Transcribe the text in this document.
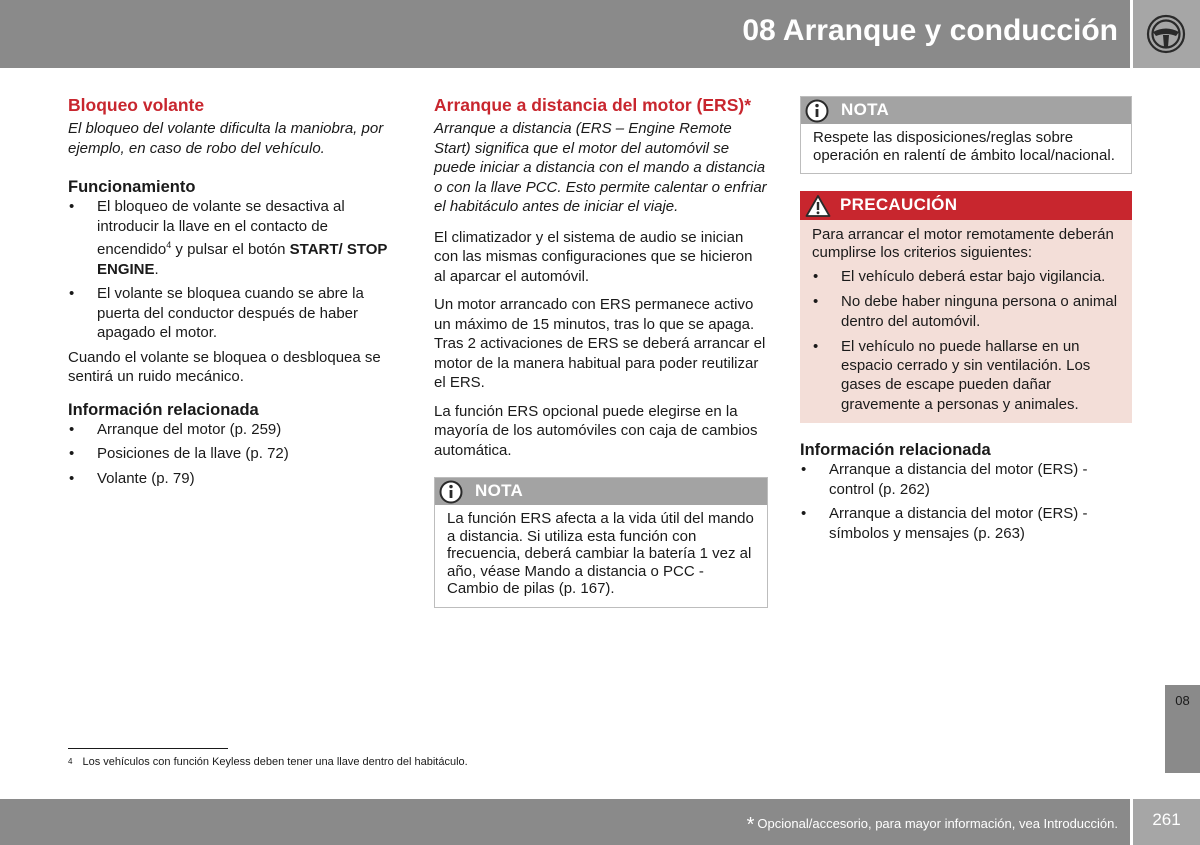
08 Arranque y conducción
Bloqueo volante
El bloqueo del volante dificulta la maniobra, por ejemplo, en caso de robo del vehículo.
Funcionamiento
• El bloqueo de volante se desactiva al introducir la llave en el contacto de encendido$^4$ y pulsar el botón START/ STOP ENGINE.
• El volante se bloquea cuando se abre la puerta del conductor después de haber apagado el motor.
Cuando el volante se bloquea o desbloquea se sentirá un ruido mecánico.
Información relacionada
• Arranque del motor (p. 259)
• Posiciones de la llave (p. 72)
• Volante (p. 79)
Arranque a distancia del motor (ERS)*
Arranque a distancia (ERS – Engine Remote Start) significa que el motor del automóvil se puede iniciar a distancia con el mando a distancia o con la llave PCC. Esto permite calentar o enfriar el habitáculo antes de iniciar el viaje.
El climatizador y el sistema de audio se inician con las mismas configuraciones que se hicieron al aparcar el automóvil.
Un motor arrancado con ERS permanece activo un máximo de 15 minutos, tras lo que se apaga. Tras 2 activaciones de ERS se deberá arrancar el motor de la manera habitual para poder reutilizar el ERS.
La función ERS opcional puede elegirse en la mayoría de los automóviles con caja de cambios automática.
NOTA
La función ERS afecta a la vida útil del mando a distancia. Si utiliza esta función con frecuencia, deberá cambiar la batería 1 vez al año, véase Mando a distancia o PCC - Cambio de pilas (p. 167).
NOTA
Respete las disposiciones/reglas sobre operación en ralentí de ámbito local/nacional.
PRECAUCIÓN
Para arrancar el motor remotamente deberán cumplirse los criterios siguientes:
• El vehículo deberá estar bajo vigilancia.
• No debe haber ninguna persona o animal dentro del automóvil.
• El vehículo no puede hallarse en un espacio cerrado y sin ventilación. Los gases de escape pueden dañar gravemente a personas y animales.
Información relacionada
• Arranque a distancia del motor (ERS) - control (p. 262)
• Arranque a distancia del motor (ERS) - símbolos y mensajes (p. 263)
$^4$ Los vehículos con función Keyless deben tener una llave dentro del habitáculo.
08
* Opcional/accesorio, para mayor información, vea Introducción.	261
